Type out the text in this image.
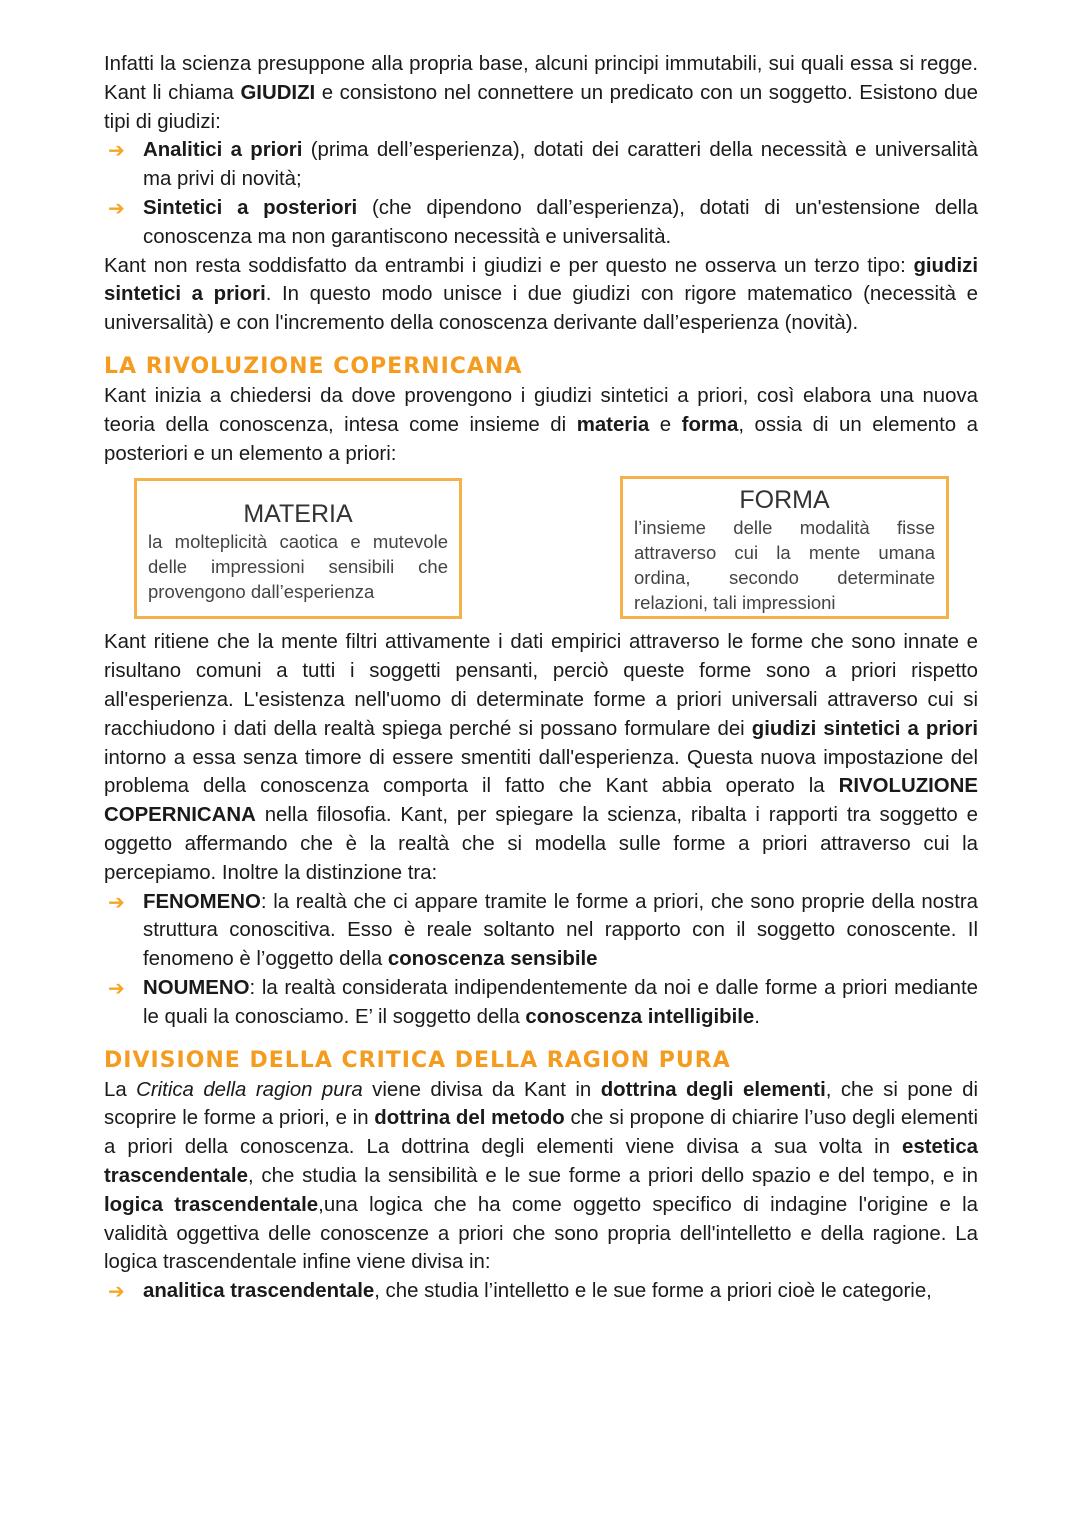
Infatti la scienza presuppone alla propria base, alcuni principi immutabili, sui quali essa si regge. Kant li chiama GIUDIZI e consistono nel connettere un predicato con un soggetto. Esistono due tipi di giudizi:

➔ Analitici a priori (prima dell’esperienza), dotati dei caratteri della necessità e universalità ma privi di novità;
➔ Sintetici a posteriori (che dipendono dall’esperienza), dotati di un'estensione della conoscenza ma non garantiscono necessità e universalità.

Kant non resta soddisfatto da entrambi i giudizi e per questo ne osserva un terzo tipo: giudizi sintetici a priori. In questo modo unisce i due giudizi con rigore matematico (necessità e universalità) e con l'incremento della conoscenza derivante dall’esperienza (novità).

LA RIVOLUZIONE COPERNICANA

Kant inizia a chiedersi da dove provengono i giudizi sintetici a priori, così elabora una nuova teoria della conoscenza, intesa come insieme di materia e forma, ossia di un elemento a posteriori e un elemento a priori:

MATERIA
la molteplicità caotica e mutevole delle impressioni sensibili che provengono dall’esperienza
FORMA
l’insieme delle modalità fisse attraverso cui la mente umana ordina, secondo determinate relazioni, tali impressioni

Kant ritiene che la mente filtri attivamente i dati empirici attraverso le forme che sono innate e risultano comuni a tutti i soggetti pensanti, perciò queste forme sono a priori rispetto all'esperienza. L'esistenza nell'uomo di determinate forme a priori universali attraverso cui si racchiudono i dati della realtà spiega perché si possano formulare dei giudizi sintetici a priori intorno a essa senza timore di essere smentiti dall'esperienza. Questa nuova impostazione del problema della conoscenza comporta il fatto che Kant abbia operato la RIVOLUZIONE COPERNICANA nella filosofia. Kant, per spiegare la scienza, ribalta i rapporti tra soggetto e oggetto affermando che è la realtà che si modella sulle forme a priori attraverso cui la percepiamo. Inoltre la distinzione tra:

➔ FENOMENO: la realtà che ci appare tramite le forme a priori, che sono proprie della nostra struttura conoscitiva. Esso è reale soltanto nel rapporto con il soggetto conoscente. Il fenomeno è l’oggetto della conoscenza sensibile
➔ NOUMENO: la realtà considerata indipendentemente da noi e dalle forme a priori mediante le quali la conosciamo. E’ il soggetto della conoscenza intelligibile.
DIVISIONE DELLA CRITICA DELLA RAGION PURA

La Critica della ragion pura viene divisa da Kant in dottrina degli elementi, che si pone di scoprire le forme a priori, e in dottrina del metodo che si propone di chiarire l’uso degli elementi a priori della conoscenza. La dottrina degli elementi viene divisa a sua volta in estetica trascendentale, che studia la sensibilità e le sue forme a priori dello spazio e del tempo, e in logica trascendentale,una logica che ha come oggetto specifico di indagine l'origine e la validità oggettiva delle conoscenze a priori che sono propria dell'intelletto e della ragione. La logica trascendentale infine viene divisa in:

➔ analitica trascendentale, che studia l’intelletto e le sue forme a priori cioè le categorie,
